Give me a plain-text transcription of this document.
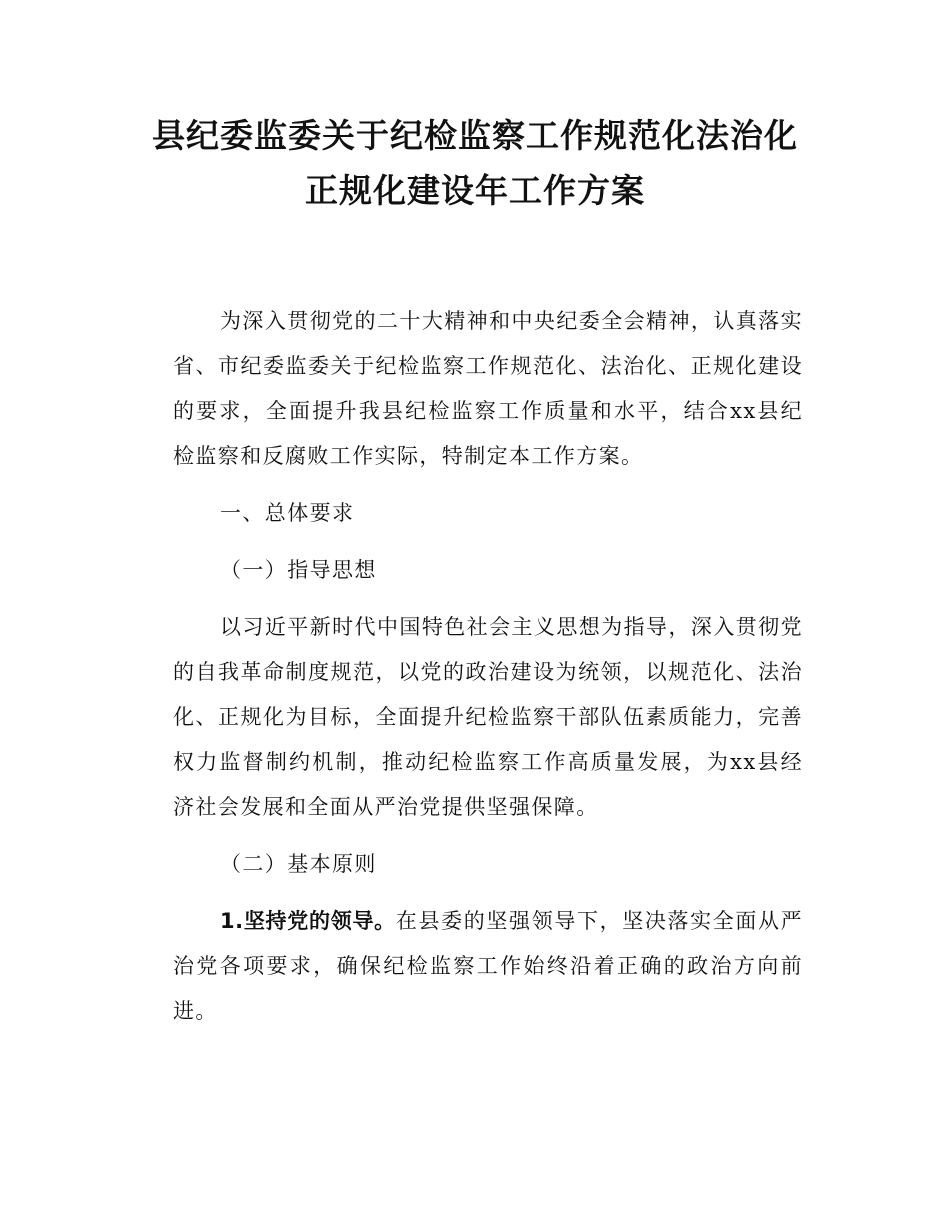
县纪委监委关于纪检监察工作规范化法治化
正规化建设年工作方案

为深入贯彻党的二十大精神和中央纪委全会精神，认真落实省、市纪委监委关于纪检监察工作规范化、法治化、正规化建设的要求，全面提升我县纪检监察工作质量和水平，结合xx县纪检监察和反腐败工作实际，特制定本工作方案。

一、总体要求

（一）指导思想

以习近平新时代中国特色社会主义思想为指导，深入贯彻党的自我革命制度规范，以党的政治建设为统领，以规范化、法治化、正规化为目标，全面提升纪检监察干部队伍素质能力，完善权力监督制约机制，推动纪检监察工作高质量发展，为xx县经济社会发展和全面从严治党提供坚强保障。

（二）基本原则

1.坚持党的领导。在县委的坚强领导下，坚决落实全面从严治党各项要求，确保纪检监察工作始终沿着正确的政治方向前进。
